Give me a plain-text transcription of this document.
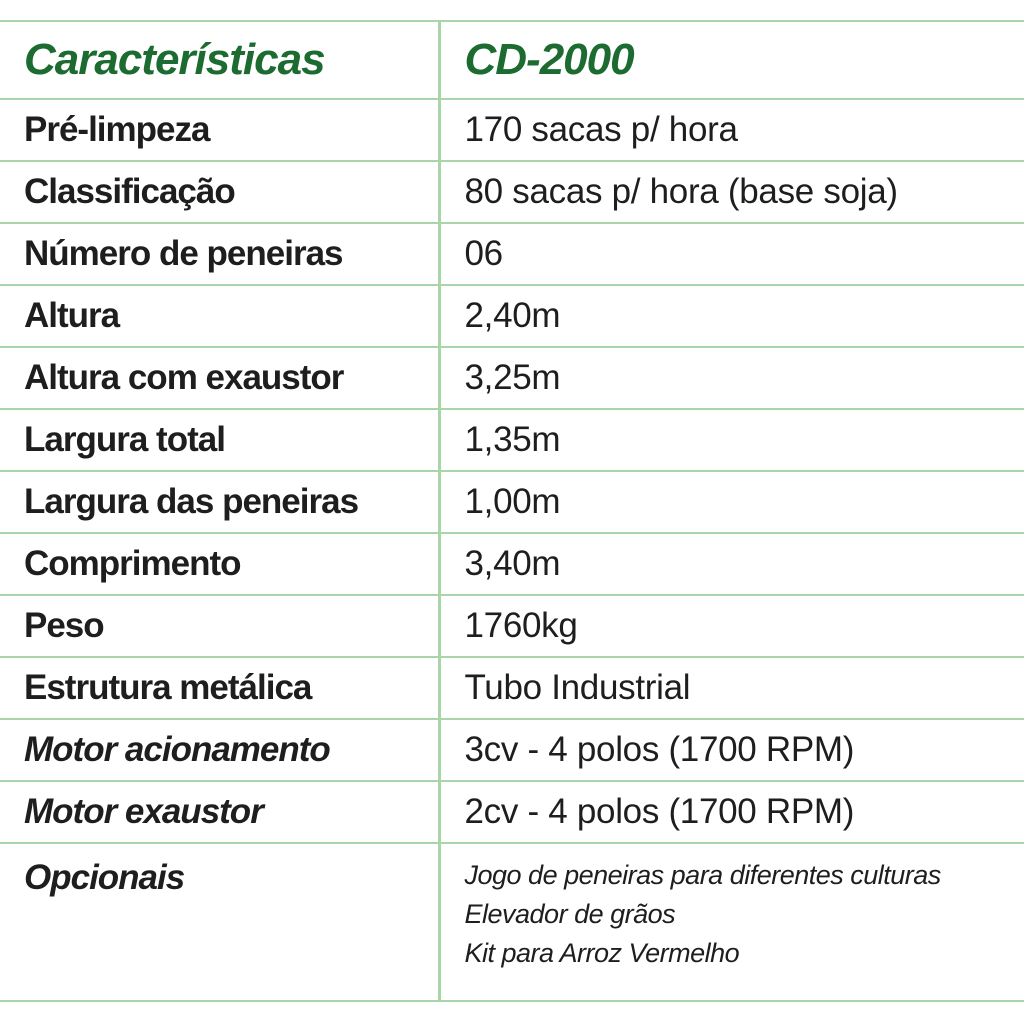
Características	CD-2000
Pré-limpeza	170 sacas p/ hora
Classificação	80 sacas p/ hora (base soja)
Número de peneiras	06
Altura	2,40m
Altura com exaustor	3,25m
Largura total	1,35m
Largura das peneiras	1,00m
Comprimento	3,40m
Peso	1760kg
Estrutura metálica	Tubo Industrial
Motor acionamento	3cv - 4 polos (1700 RPM)
Motor exaustor	2cv - 4 polos (1700 RPM)
Opcionais	Jogo de peneiras para diferentes culturas
Elevador de grãos
Kit para Arroz Vermelho
